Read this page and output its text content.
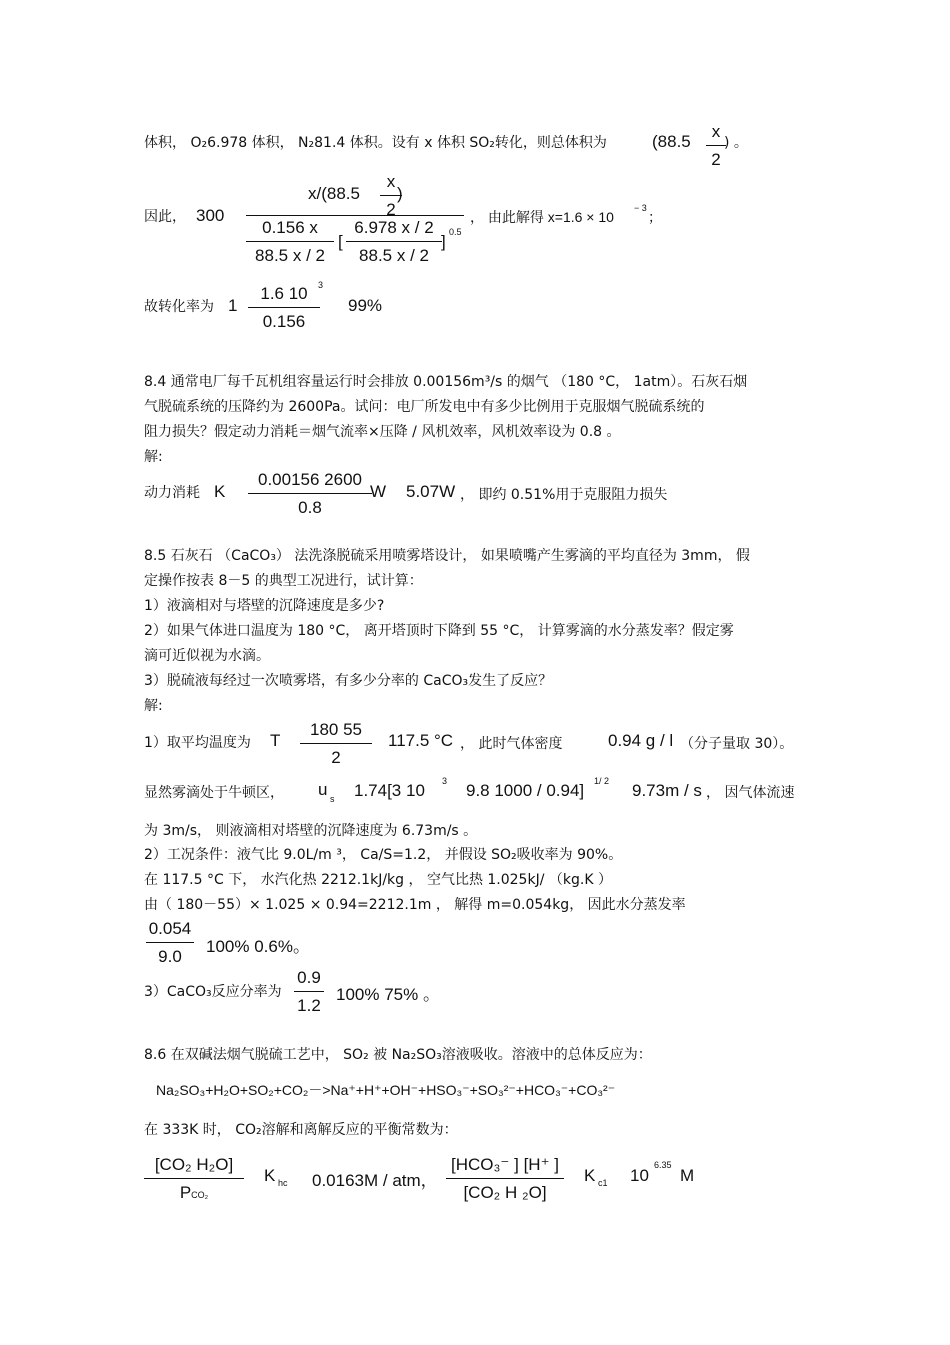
体积， O₂6.978 体积， N₂81.4 体积。设有 x 体积 SO₂转化，则总体积为	(88.5
x
2
) 。
因此， 300
x/(88.5
x
2
)
0.156 x
88.5 x / 2
[
6.978 x / 2
88.5 x / 2
] 0.5
， 由此解得 x=1.6 × 10
− 3
；
故转化率为 1
1.6 10
0.156
3
99%
8.4 通常电厂每千瓦机组容量运行时会排放 0.00156m³/s 的烟气 （180 °C， 1atm）。石灰石烟
气脱硫系统的压降约为 2600Pa。试问：电厂所发电中有多少比例用于克服烟气脱硫系统的
阻力损失？假定动力消耗＝烟气流率×压降 / 风机效率，风机效率设为 0.8 。
解:
动力消耗 K
0.00156 2600
0.8
W 5.07W ， 即约 0.51%用于克服阻力损失
8.5 石灰石 （CaCO₃） 法洗涤脱硫采用喷雾塔设计， 如果喷嘴产生雾滴的平均直径为 3mm， 假
定操作按表 8－5 的典型工况进行，试计算：
1）液滴相对与塔壁的沉降速度是多少?
2）如果气体进口温度为 180 °C， 离开塔顶时下降到 55 °C， 计算雾滴的水分蒸发率？假定雾
滴可近似视为水滴。
3）脱硫液每经过一次喷雾塔，有多少分率的 CaCO₃发生了反应？
解:
1）取平均温度为 T
180 55
2
117.5 °C ， 此时气体密度	0.94 g / l （分子量取 30）。
显然雾滴处于牛顿区， u s 1.74[3 10 3 9.8 1000 / 0.94] 1/ 2 9.73m / s ， 因气体流速
为 3m/s， 则液滴相对塔壁的沉降速度为 6.73m/s 。
2）工况条件：液气比 9.0L/m ³， Ca/S=1.2， 并假设 SO₂吸收率为 90%。
在 117.5 °C 下， 水汽化热 2212.1kJ/kg ， 空气比热 1.025kJ/ （kg.K ）
由（ 180－55）× 1.025 × 0.94=2212.1m ， 解得 m=0.054kg， 因此水分蒸发率
0.054
9.0
100% 0.6%。
3）CaCO₃反应分率为
0.9
1.2
100% 75% 。
8.6 在双碱法烟气脱硫工艺中， SO₂ 被 Na₂SO₃溶液吸收。溶液中的总体反应为：
Na₂SO₃+H₂O+SO₂+CO₂－>Na⁺+H⁺+OH⁻+HSO₃⁻+SO₃²⁻+HCO₃⁻+CO₃²⁻
在 333K 时， CO₂溶解和离解反应的平衡常数为：
[CO₂ H₂O]
PCO₂
K hc 0.0163M / atm，
[HCO₃⁻ ] [H⁺ ]
[CO₂ H ₂O]
K c1 10
6.35
M
